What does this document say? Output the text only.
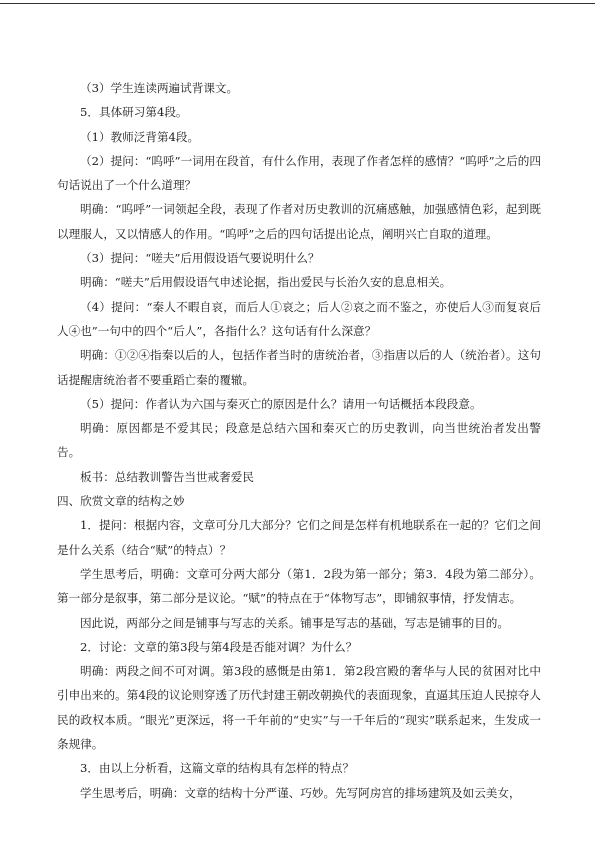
（3）学生连读两遍试背课文。

5．具体研习第4段。

（1）教师泛背第4段。

（2）提问：“呜呼”一词用在段首，有什么作用，表现了作者怎样的感情？“呜呼”之后的四句话说出了一个什么道理？

明确：“呜呼”一词领起全段，表现了作者对历史教训的沉痛感触，加强感情色彩，起到既以理服人，又以情感人的作用。“呜呼”之后的四句话提出论点，阐明兴亡自取的道理。

（3）提问：“嗟夫”后用假设语气要说明什么？

明确：“嗟夫”后用假设语气申述论据，指出爱民与长治久安的息息相关。

（4）提问：“秦人不暇自哀，而后人①哀之；后人②哀之而不鉴之，亦使后人③而复哀后人④也”一句中的四个“后人”，各指什么？这句话有什么深意？

明确：①②④指秦以后的人，包括作者当时的唐统治者，③指唐以后的人（统治者）。这句话提醒唐统治者不要重蹈亡秦的覆辙。

（5）提问：作者认为六国与秦灭亡的原因是什么？请用一句话概括本段段意。

明确：原因都是不爱其民；段意是总结六国和秦灭亡的历史教训，向当世统治者发出警告。

板书：总结教训警告当世戒奢爱民

四、欣赏文章的结构之妙

1．提问：根据内容，文章可分几大部分？它们之间是怎样有机地联系在一起的？它们之间是什么关系（结合“赋”的特点）？

学生思考后，明确：文章可分两大部分（第1．2段为第一部分；第3．4段为第二部分）。第一部分是叙事，第二部分是议论。“赋”的特点在于“体物写志”，即铺叙事情，抒发情志。

因此说，两部分之间是铺事与写志的关系。铺事是写志的基础，写志是铺事的目的。

2．讨论：文章的第3段与第4段是否能对调？为什么？

明确：两段之间不可对调。第3段的感慨是由第1．第2段宫殿的奢华与人民的贫困对比中引申出来的。第4段的议论则穿透了历代封建王朝改朝换代的表面现象，直逼其压迫人民掠夺人民的政权本质。“眼光”更深远，将一千年前的“史实”与一千年后的“现实”联系起来，生发成一条规律。

3．由以上分析看，这篇文章的结构具有怎样的特点？

学生思考后，明确：文章的结构十分严谨、巧妙。先写阿房宫的排场建筑及如云美女，
